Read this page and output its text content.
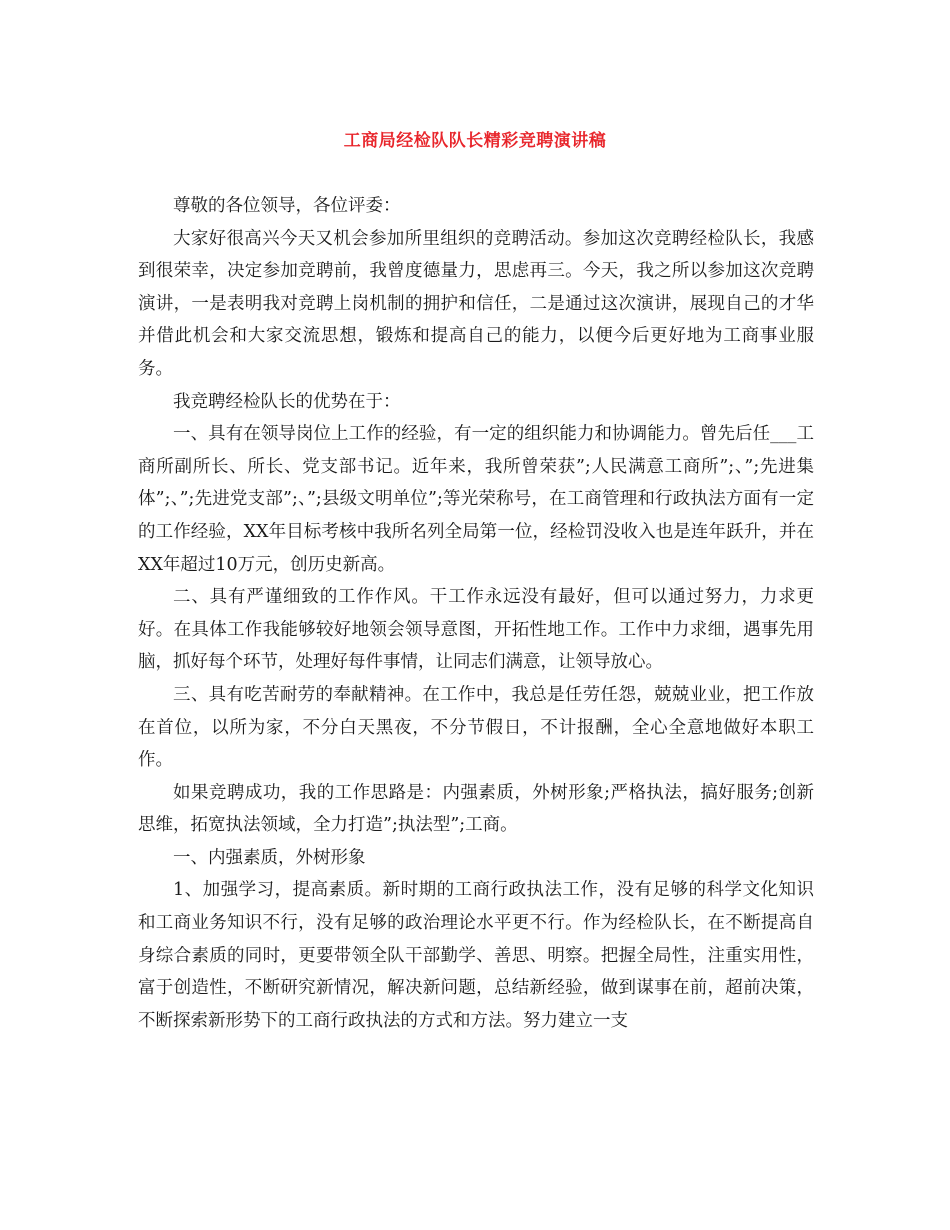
工商局经检队队长精彩竞聘演讲稿

尊敬的各位领导，各位评委：

大家好很高兴今天又机会参加所里组织的竞聘活动。参加这次竞聘经检队长，我感到很荣幸，决定参加竞聘前，我曾度德量力，思虑再三。今天，我之所以参加这次竞聘演讲，一是表明我对竞聘上岗机制的拥护和信任，二是通过这次演讲，展现自己的才华并借此机会和大家交流思想，锻炼和提高自己的能力，以便今后更好地为工商事业服务。

我竞聘经检队长的优势在于：

一、具有在领导岗位上工作的经验，有一定的组织能力和协调能力。曾先后任___工商所副所长、所长、党支部书记。近年来，我所曾荣获”;人民满意工商所”;、”;先进集体”;、”;先进党支部”;、”;县级文明单位”;等光荣称号，在工商管理和行政执法方面有一定的工作经验，XX年目标考核中我所名列全局第一位，经检罚没收入也是连年跃升，并在XX年超过10万元，创历史新高。

二、具有严谨细致的工作作风。干工作永远没有最好，但可以通过努力，力求更好。在具体工作我能够较好地领会领导意图，开拓性地工作。工作中力求细，遇事先用脑，抓好每个环节，处理好每件事情，让同志们满意，让领导放心。

三、具有吃苦耐劳的奉献精神。在工作中，我总是任劳任怨，兢兢业业，把工作放在首位，以所为家，不分白天黑夜，不分节假日，不计报酬，全心全意地做好本职工作。

如果竞聘成功，我的工作思路是：内强素质，外树形象;严格执法，搞好服务;创新思维，拓宽执法领域，全力打造”;执法型”;工商。

一、内强素质，外树形象

1、加强学习，提高素质。新时期的工商行政执法工作，没有足够的科学文化知识和工商业务知识不行，没有足够的政治理论水平更不行。作为经检队长，在不断提高自身综合素质的同时，更要带领全队干部勤学、善思、明察。把握全局性，注重实用性，富于创造性，不断研究新情况，解决新问题，总结新经验，做到谋事在前，超前决策，不断探索新形势下的工商行政执法的方式和方法。努力建立一支
